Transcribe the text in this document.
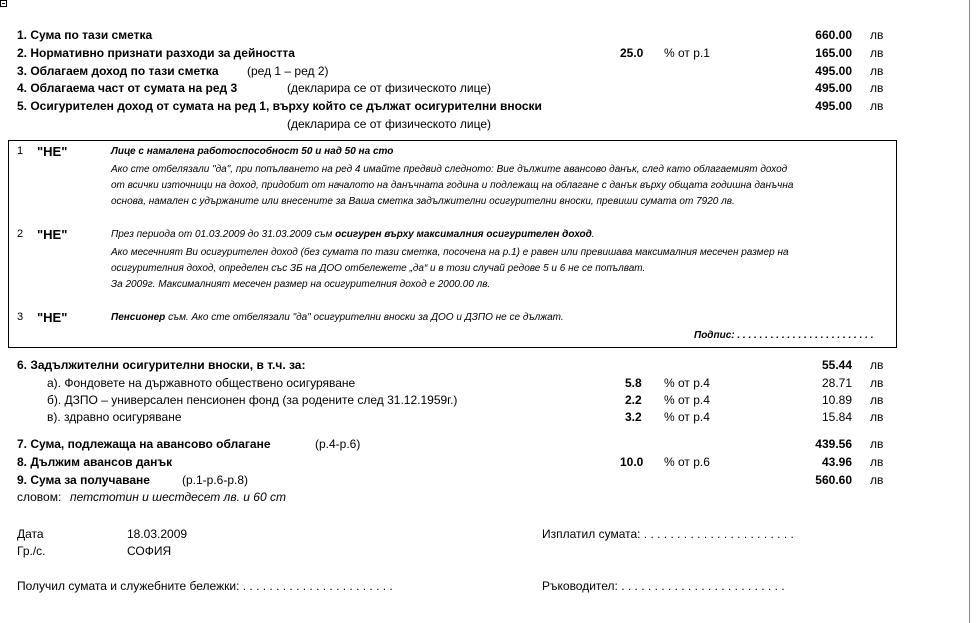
1. Сума по тази сметка	660.00 лв
2. Нормативно признати разходи за дейността	25.0 % от р.1	165.00 лв
3. Облагаем доход по тази сметка (ред 1 – ред 2)	495.00 лв
4. Облагаема част от сумата на ред 3	(декларира се от физическото лице)	495.00 лв
5. Осигурителен доход от сумата на ред 1, върху който се дължат осигурителни вноски	495.00 лв
(декларира се от физическото лице)
1 "НЕ"	Лице с намалена работоспособност 50 и над 50 на сто
Ако сте отбелязали "да", при попълването на ред 4 имайте предвид следното: Вие дължите авансово данък, след като облагаемият доход
от всички източници на доход, придобит от началото на данъчната година и подлежащ на облагане с данък върху общата годишна данъчна
основа, намален с удържаните или внесените за Ваша сметка задължителни осигурителни вноски, превиши сумата от 7920 лв.
2 "НЕ"	През периода от 01.03.2009 до 31.03.2009 съм осигурен върху максималния осигурителен доход.
Ако месечният Ви осигурителен доход (без сумата по тази сметка, посочена на р.1) е равен или превишава максималния месечен размер на
осигурителния доход, определен със ЗБ на ДОО отбележете „да“ и в този случай редове 5 и 6 не се попълват.
За 2009г. Максималният месечен размер на осигурителния доход е 2000.00 лв.
3 "НЕ"	Пенсионер съм. Ако сте отбелязали "да" осигурителни вноски за ДОО и ДЗПО не се дължат.
Подпис: . . . . . . . . . . . . . . . . . . . . . . . . .
6. Задължителни осигурителни вноски, в т.ч. за:	55.44 лв
а). Фондовете на държавното обществено осигуряване	5.8 % от р.4	28.71 лв
б). ДЗПО – универсален пенсионен фонд (за родените след 31.12.1959г.)	2.2 % от р.4	10.89 лв
в). здравно осигуряване	3.2 % от р.4	15.84 лв
7. Сума, подлежаща на авансово облагане	(р.4-р.6)	439.56 лв
8. Дължим авансов данък	10.0 % от р.6	43.96 лв
9. Сума за получаване	(р.1-р.6-р.8)	560.60 лв
словом: петстотин и шестдесет лв. и 60 ст
Дата	18.03.2009
Гр./с.	СОФИЯ
Изплатил сумата: . . . . . . . . . . . . . . . . . . . . . . .
Получил сумата и служебните бележки: . . . . . . . . . . . . . . . . . . . . . . .	Ръководител: . . . . . . . . . . . . . . . . . . . . . . . . .
